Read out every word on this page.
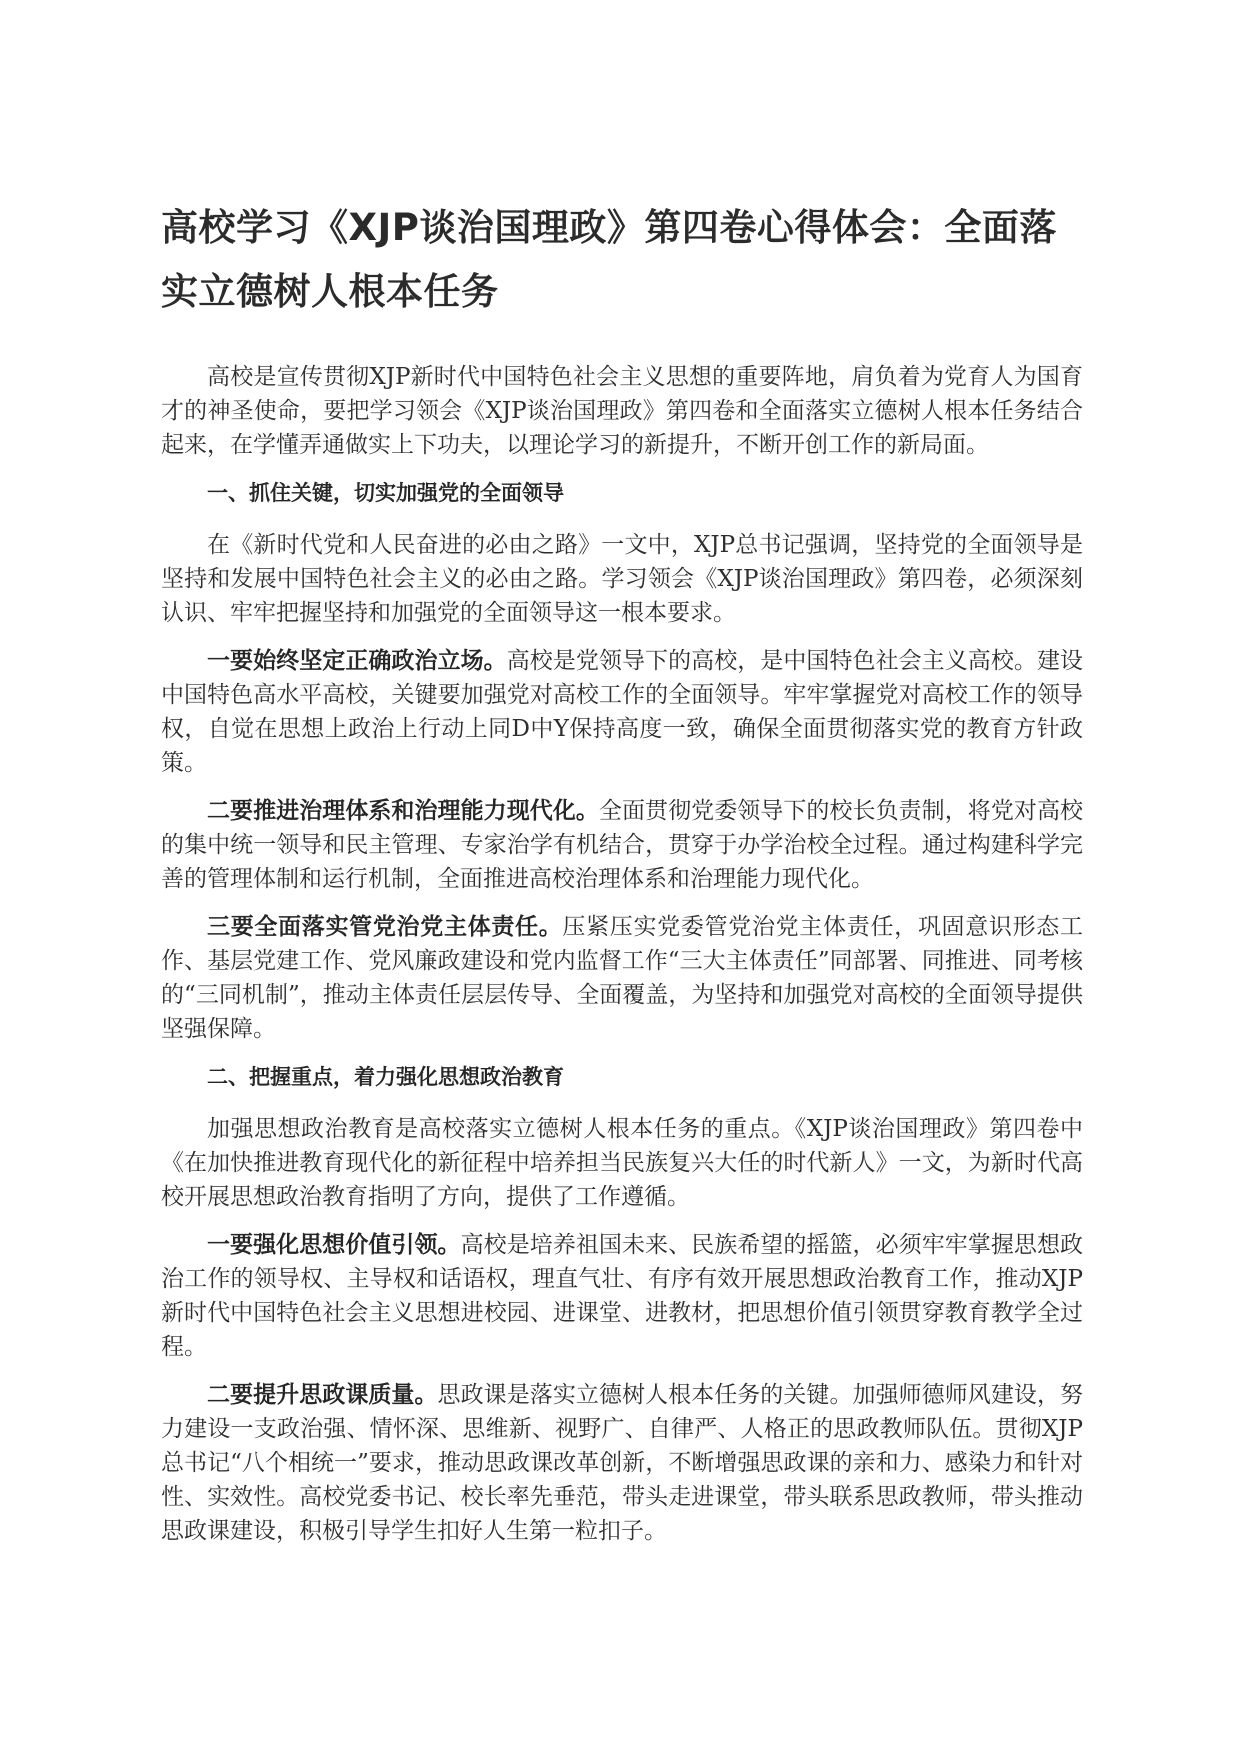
高校学习《XJP谈治国理政》第四卷心得体会：全面落实立德树人根本任务

高校是宣传贯彻XJP新时代中国特色社会主义思想的重要阵地，肩负着为党育人为国育才的神圣使命，要把学习领会《XJP谈治国理政》第四卷和全面落实立德树人根本任务结合起来，在学懂弄通做实上下功夫，以理论学习的新提升，不断开创工作的新局面。

一、抓住关键，切实加强党的全面领导

在《新时代党和人民奋进的必由之路》一文中，XJP总书记强调，坚持党的全面领导是坚持和发展中国特色社会主义的必由之路。学习领会《XJP谈治国理政》第四卷，必须深刻认识、牢牢把握坚持和加强党的全面领导这一根本要求。

一要始终坚定正确政治立场。高校是党领导下的高校，是中国特色社会主义高校。建设中国特色高水平高校，关键要加强党对高校工作的全面领导。牢牢掌握党对高校工作的领导权，自觉在思想上政治上行动上同D中Y保持高度一致，确保全面贯彻落实党的教育方针政策。

二要推进治理体系和治理能力现代化。全面贯彻党委领导下的校长负责制，将党对高校的集中统一领导和民主管理、专家治学有机结合，贯穿于办学治校全过程。通过构建科学完善的管理体制和运行机制，全面推进高校治理体系和治理能力现代化。

三要全面落实管党治党主体责任。压紧压实党委管党治党主体责任，巩固意识形态工作、基层党建工作、党风廉政建设和党内监督工作“三大主体责任”同部署、同推进、同考核的“三同机制”，推动主体责任层层传导、全面覆盖，为坚持和加强党对高校的全面领导提供坚强保障。

二、把握重点，着力强化思想政治教育

加强思想政治教育是高校落实立德树人根本任务的重点。《XJP谈治国理政》第四卷中《在加快推进教育现代化的新征程中培养担当民族复兴大任的时代新人》一文，为新时代高校开展思想政治教育指明了方向，提供了工作遵循。

一要强化思想价值引领。高校是培养祖国未来、民族希望的摇篮，必须牢牢掌握思想政治工作的领导权、主导权和话语权，理直气壮、有序有效开展思想政治教育工作，推动XJP新时代中国特色社会主义思想进校园、进课堂、进教材，把思想价值引领贯穿教育教学全过程。

二要提升思政课质量。思政课是落实立德树人根本任务的关键。加强师德师风建设，努力建设一支政治强、情怀深、思维新、视野广、自律严、人格正的思政教师队伍。贯彻XJP总书记“八个相统一”要求，推动思政课改革创新，不断增强思政课的亲和力、感染力和针对性、实效性。高校党委书记、校长率先垂范，带头走进课堂，带头联系思政教师，带头推动思政课建设，积极引导学生扣好人生第一粒扣子。
